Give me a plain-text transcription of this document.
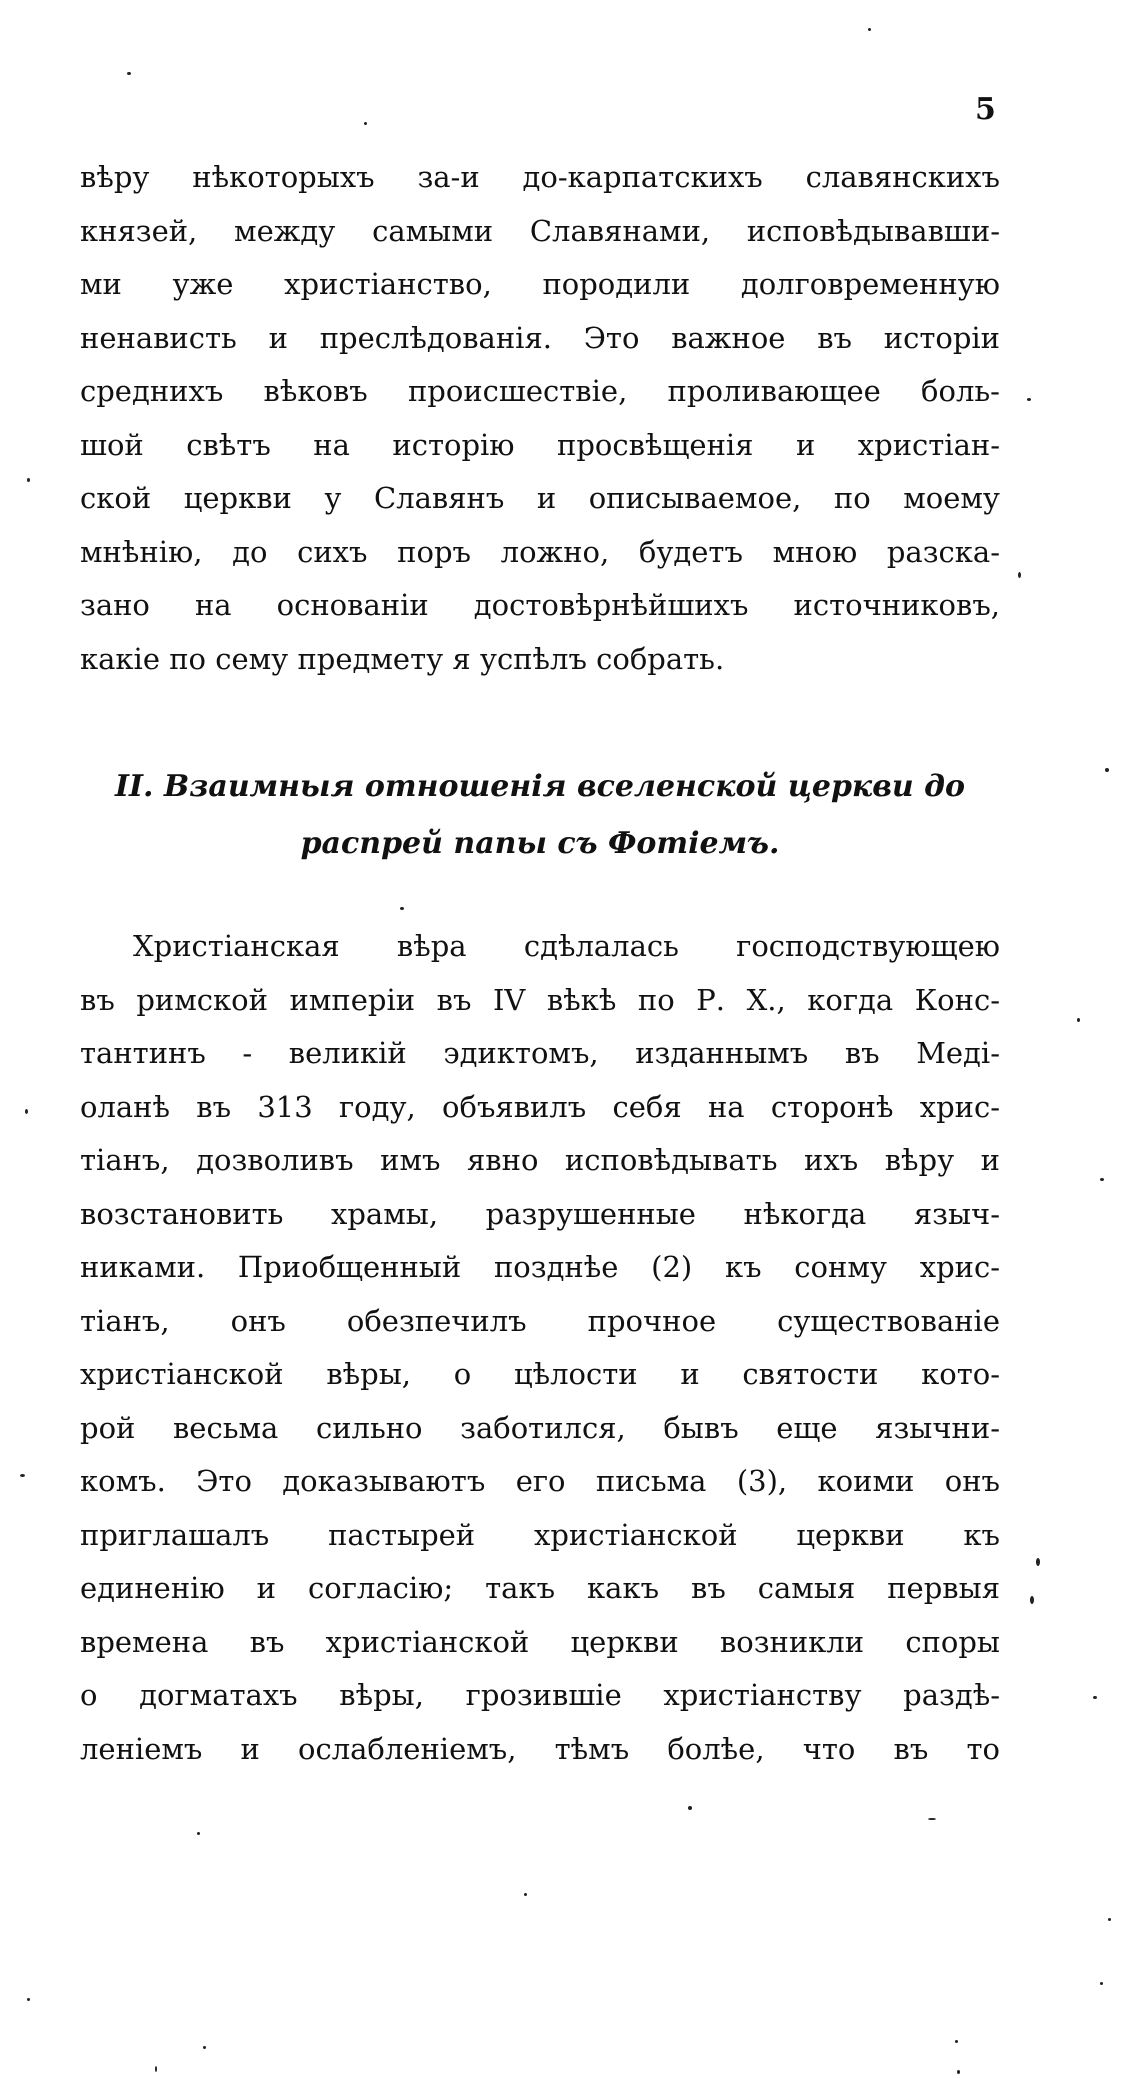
5
вѣру нѣкоторыхъ за-и до-карпатскихъ славянскихъ
князей, между самыми Славянами, исповѣдывавши-
ми уже христіанство, породили долговременную
ненависть и преслѣдованія. Это важное въ исторіи
среднихъ вѣковъ происшествіе, проливающее боль-
шой свѣтъ на исторію просвѣщенія и христіан-
ской церкви у Славянъ и описываемое, по моему
мнѣнію, до сихъ поръ ложно, будетъ мною разска-
зано на основаніи достовѣрнѣйшихъ источниковъ,
какіе по сему предмету я успѣлъ собрать.
II. Взаимныя отношенія вселенской церкви до
распрей папы съ Фотіемъ.
Христіанская вѣра сдѣлалась господствующею
въ римской имперіи въ IV вѣкѣ по Р. Х., когда Конс-
тантинъ - великій эдиктомъ, изданнымъ въ Меді-
оланѣ въ 313 году, объявилъ себя на сторонѣ хрис-
тіанъ, дозволивъ имъ явно исповѣдывать ихъ вѣру и
возстановить храмы, разрушенные нѣкогда языч-
никами. Приобщенный позднѣе (2) къ сонму хрис-
тіанъ, онъ обезпечилъ прочное существованіе
христіанской вѣры, о цѣлости и святости кото-
рой весьма сильно заботился, бывъ еще язычни-
комъ. Это доказываютъ его письма (3), коими онъ
приглашалъ пастырей христіанской церкви къ
единенію и согласію; такъ какъ въ самыя первыя
времена въ христіанской церкви возникли споры
о догматахъ вѣры, грозившіе христіанству раздѣ-
леніемъ и ослабленіемъ, тѣмъ болѣе, что въ то
